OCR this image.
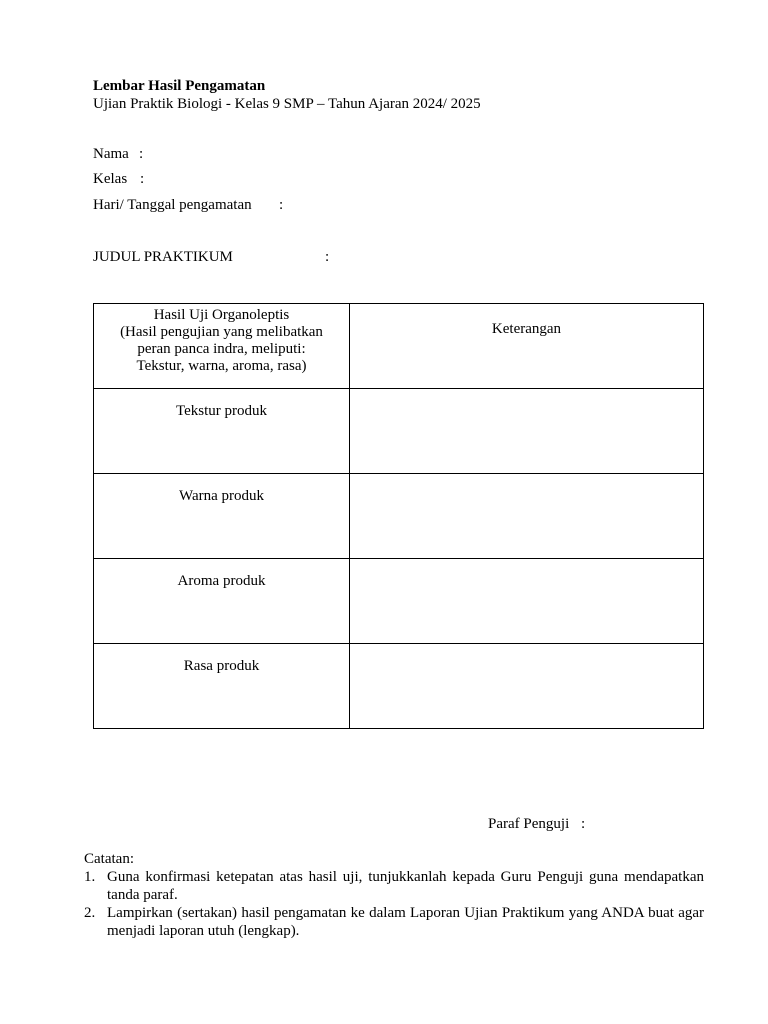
Lembar Hasil Pengamatan
Ujian Praktik Biologi - Kelas 9 SMP – Tahun Ajaran 2024/ 2025
Nama :
Kelas :
Hari/ Tanggal pengamatan :
JUDUL PRAKTIKUM	:
Hasil Uji Organoleptis
(Hasil pengujian yang melibatkan
peran panca indra, meliputi:
Tekstur, warna, aroma, rasa)	Keterangan
Tekstur produk	
Warna produk	
Aroma produk	
Rasa produk	
Paraf Penguji :
Catatan:
1. Guna konfirmasi ketepatan atas hasil uji, tunjukkanlah kepada Guru Penguji guna mendapatkan tanda paraf.
2. Lampirkan (sertakan) hasil pengamatan ke dalam Laporan Ujian Praktikum yang ANDA buat agar menjadi laporan utuh (lengkap).
